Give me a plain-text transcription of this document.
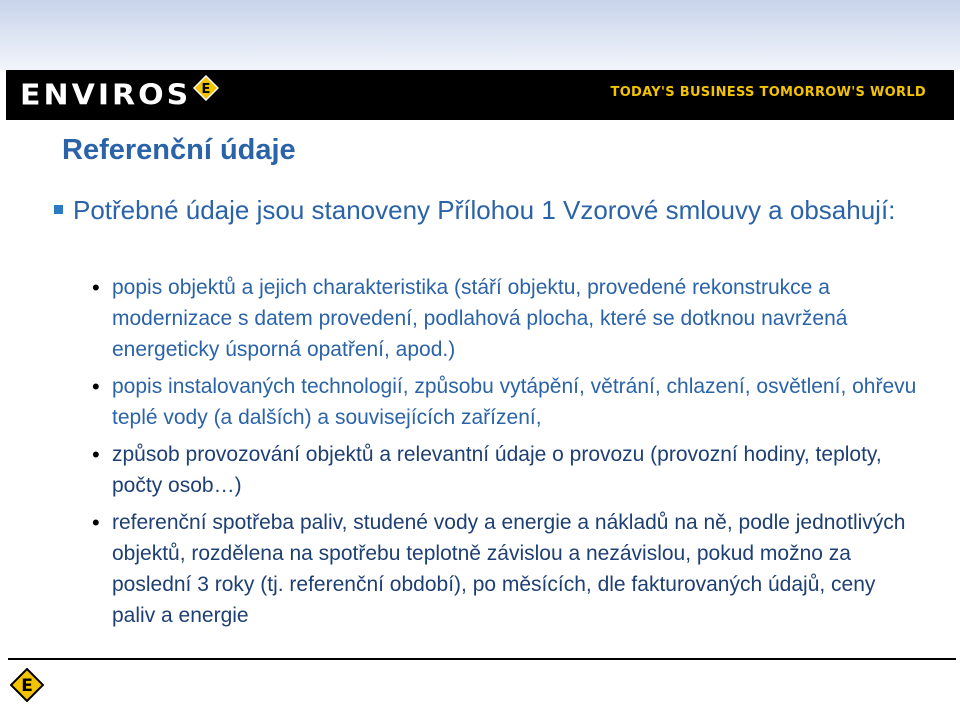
ENVIROS E	TODAY'S BUSINESS TOMORROW'S WORLD
Referenční údaje
Potřebné údaje jsou stanoveny Přílohou 1 Vzorové smlouvy a obsahují:
• popis objektů a jejich charakteristika (stáří objektu, provedené rekonstrukce a modernizace s datem provedení, podlahová plocha, které se dotknou navržená energeticky úsporná opatření, apod.)
• popis instalovaných technologií, způsobu vytápění, větrání, chlazení, osvětlení, ohřevu teplé vody (a dalších) a souvisejících zařízení,
• způsob provozování objektů a relevantní údaje o provozu (provozní hodiny, teploty, počty osob…)
• referenční spotřeba paliv, studené vody a energie a nákladů na ně, podle jednotlivých objektů, rozdělena na spotřebu teplotně závislou a nezávislou, pokud možno za poslední 3 roky (tj. referenční období), po měsících, dle fakturovaných údajů, ceny paliv a energie
E
